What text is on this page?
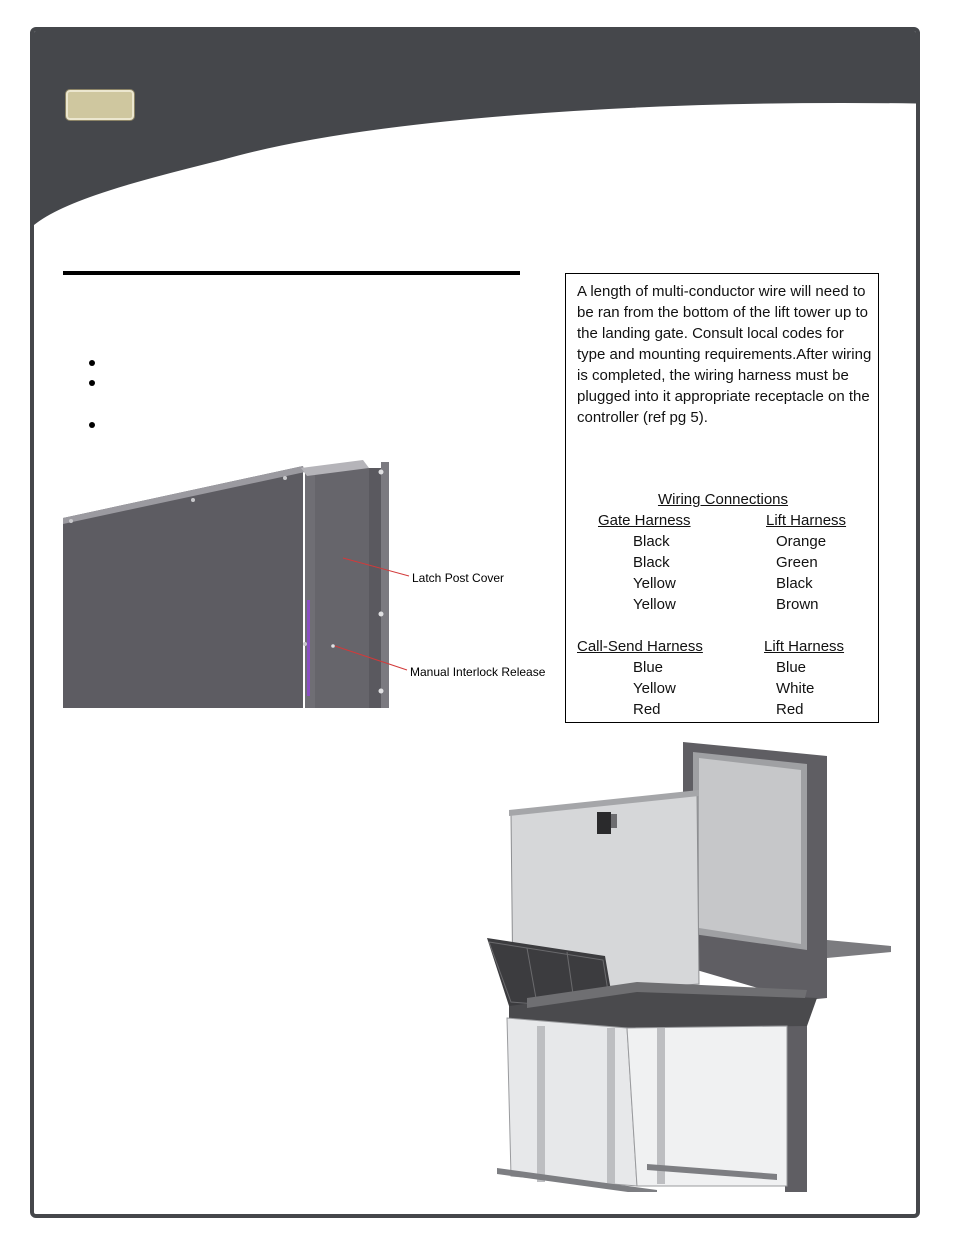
Latch Post Cover
Manual Interlock Release

A length of multi-conductor wire will need to be ran from the bottom of the lift tower up to the landing gate. Consult local codes for type and mounting requirements.After wiring is completed, the wiring harness must be plugged into it appropriate receptacle on the controller (ref pg 5).

Wiring Connections
Gate Harness	Lift Harness
Black	Orange
Black	Green
Yellow	Black
Yellow	Brown
Call-Send Harness	Lift Harness
Blue	Blue
Yellow	White
Red	Red
